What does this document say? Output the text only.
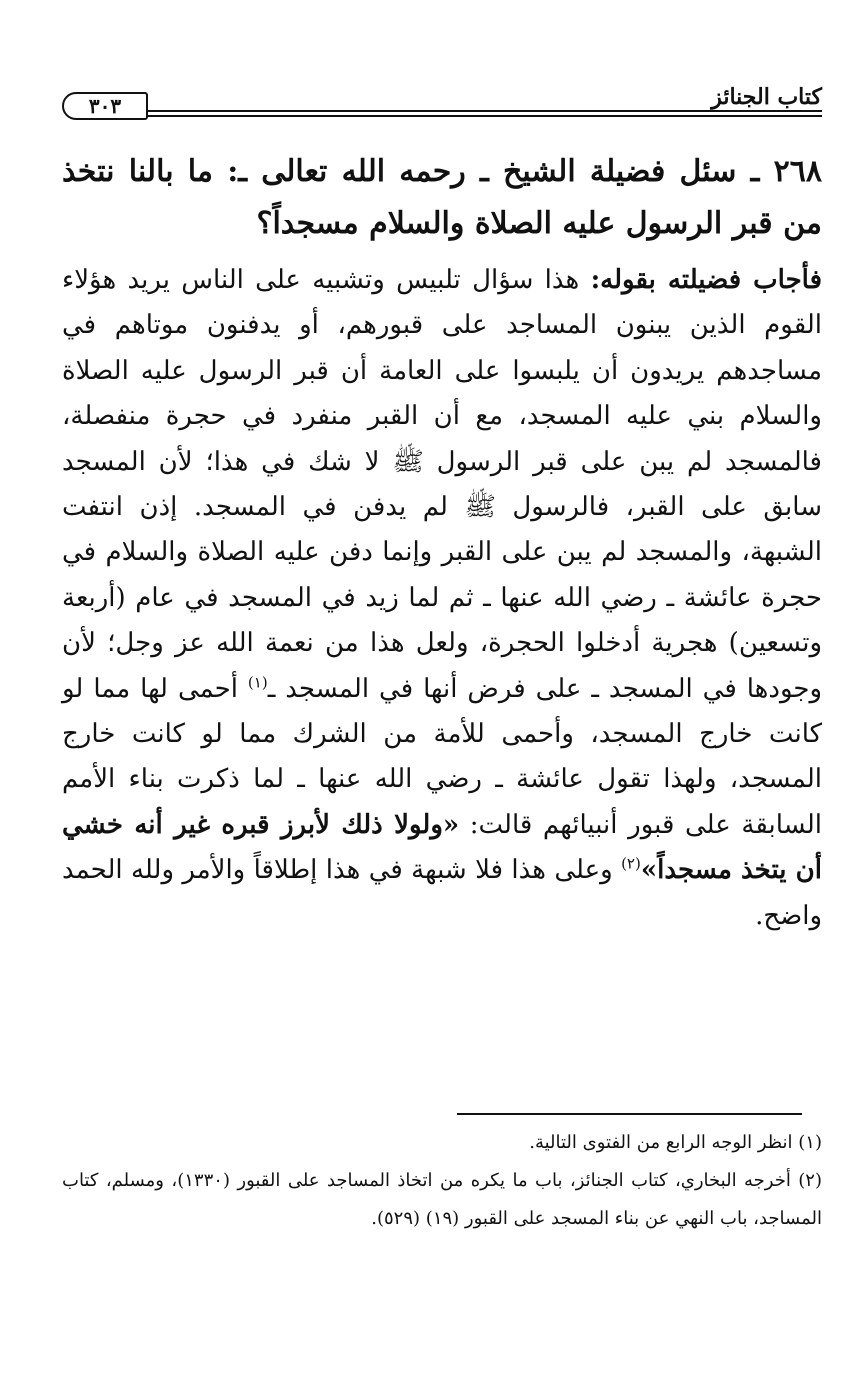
٣٠٣	كتاب الجنائز

٢٦٨ ـ سئل فضيلة الشيخ ـ رحمه الله تعالى ـ: ما بالنا نتخذ من قبر الرسول عليه الصلاة والسلام مسجداً؟

فأجاب فضيلته بقوله: هذا سؤال تلبيس وتشبيه على الناس يريد هؤلاء القوم الذين يبنون المساجد على قبورهم، أو يدفنون موتاهم في مساجدهم يريدون أن يلبسوا على العامة أن قبر الرسول عليه الصلاة والسلام بني عليه المسجد، مع أن القبر منفرد في حجرة منفصلة، فالمسجد لم يبن على قبر الرسول ﷺ لا شك في هذا؛ لأن المسجد سابق على القبر، فالرسول ﷺ لم يدفن في المسجد. إذن انتفت الشبهة، والمسجد لم يبن على القبر وإنما دفن عليه الصلاة والسلام في حجرة عائشة ـ رضي الله عنها ـ ثم لما زيد في المسجد في عام (أربعة وتسعين) هجرية أدخلوا الحجرة، ولعل هذا من نعمة الله عز وجل؛ لأن وجودها في المسجد ـ على فرض أنها في المسجد ـ$^{(١)}$ أحمى لها مما لو كانت خارج المسجد، وأحمى للأمة من الشرك مما لو كانت خارج المسجد، ولهذا تقول عائشة ـ رضي الله عنها ـ لما ذكرت بناء الأمم السابقة على قبور أنبيائهم قالت: «ولولا ذلك لأبرز قبره غير أنه خشي أن يتخذ مسجداً»$^{(٢)}$ وعلى هذا فلا شبهة في هذا إطلاقاً والأمر ولله الحمد واضح.

(١) انظر الوجه الرابع من الفتوى التالية.

(٢) أخرجه البخاري، كتاب الجنائز، باب ما يكره من اتخاذ المساجد على القبور (١٣٣٠)، ومسلم، كتاب المساجد، باب النهي عن بناء المسجد على القبور (١٩) (٥٢٩).
